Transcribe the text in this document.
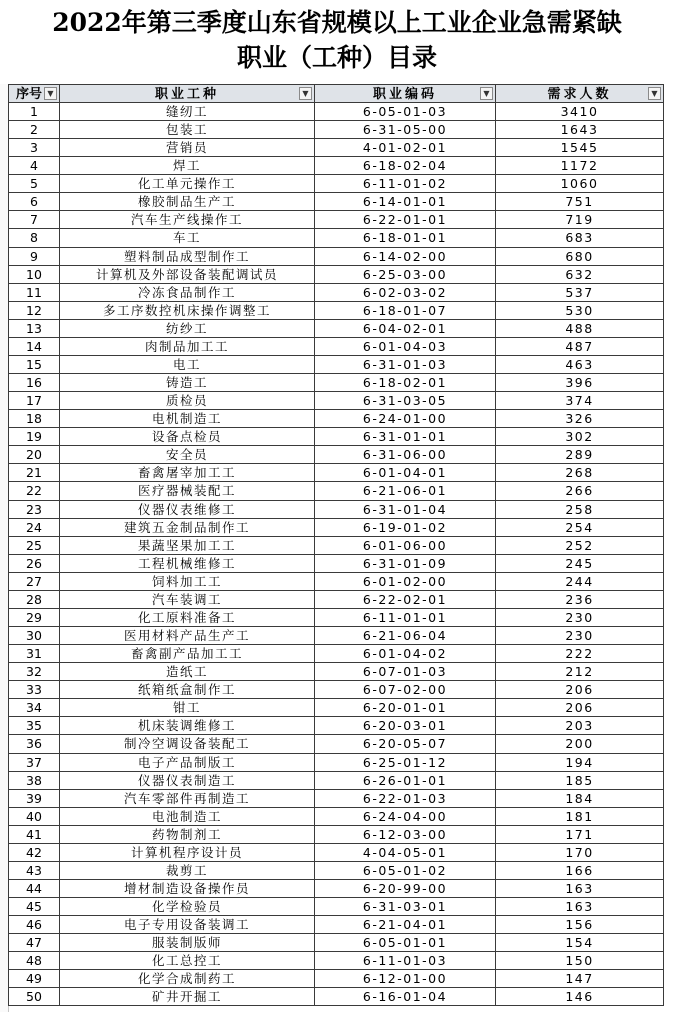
2022年第三季度山东省规模以上工业企业急需紧缺
职业（工种）目录
序号 ▼	职业工种	▼	职业编码	▼	需求人数	▼
1	缝纫工	6-05-01-03	3410
2	包装工	6-31-05-00	1643
3	营销员	4-01-02-01	1545
4	焊工	6-18-02-04	1172
5	化工单元操作工	6-11-01-02	1060
6	橡胶制品生产工	6-14-01-01	751
7	汽车生产线操作工	6-22-01-01	719
8	车工	6-18-01-01	683
9	塑料制品成型制作工	6-14-02-00	680
10	计算机及外部设备装配调试员	6-25-03-00	632
11	冷冻食品制作工	6-02-03-02	537
12	多工序数控机床操作调整工	6-18-01-07	530
13	纺纱工	6-04-02-01	488
14	肉制品加工工	6-01-04-03	487
15	电工	6-31-01-03	463
16	铸造工	6-18-02-01	396
17	质检员	6-31-03-05	374
18	电机制造工	6-24-01-00	326
19	设备点检员	6-31-01-01	302
20	安全员	6-31-06-00	289
21	畜禽屠宰加工工	6-01-04-01	268
22	医疗器械装配工	6-21-06-01	266
23	仪器仪表维修工	6-31-01-04	258
24	建筑五金制品制作工	6-19-01-02	254
25	果蔬坚果加工工	6-01-06-00	252
26	工程机械维修工	6-31-01-09	245
27	饲料加工工	6-01-02-00	244
28	汽车装调工	6-22-02-01	236
29	化工原料准备工	6-11-01-01	230
30	医用材料产品生产工	6-21-06-04	230
31	畜禽副产品加工工	6-01-04-02	222
32	造纸工	6-07-01-03	212
33	纸箱纸盒制作工	6-07-02-00	206
34	钳工	6-20-01-01	206
35	机床装调维修工	6-20-03-01	203
36	制冷空调设备装配工	6-20-05-07	200
37	电子产品制版工	6-25-01-12	194
38	仪器仪表制造工	6-26-01-01	185
39	汽车零部件再制造工	6-22-01-03	184
40	电池制造工	6-24-04-00	181
41	药物制剂工	6-12-03-00	171
42	计算机程序设计员	4-04-05-01	170
43	裁剪工	6-05-01-02	166
44	增材制造设备操作员	6-20-99-00	163
45	化学检验员	6-31-03-01	163
46	电子专用设备装调工	6-21-04-01	156
47	服装制版师	6-05-01-01	154
48	化工总控工	6-11-01-03	150
49	化学合成制药工	6-12-01-00	147
50	矿井开掘工	6-16-01-04	146
